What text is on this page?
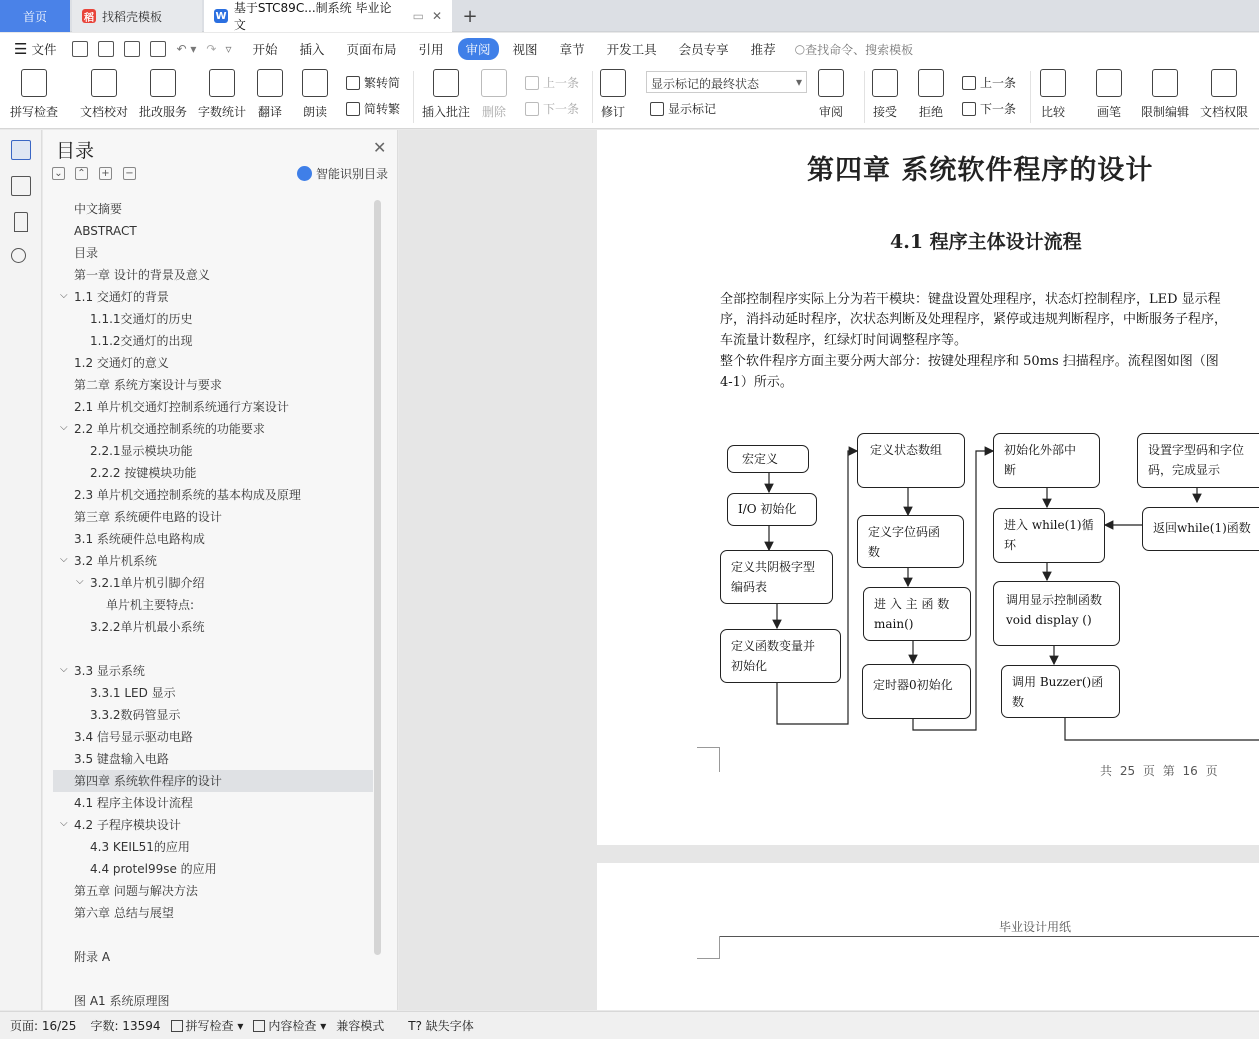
首页	稻 找稻壳模板	W
基于STC89C...制系统 毕业论文
▭ ✕ +
☰ 文件	↶ ▾ ↷ ▿	开始	插入	页面布局	引用	审阅	视图	章节	开发工具	会员专享	推荐	○ 查找命令、搜索模板
拼写检查 文档校对 批改服务 字数统计 翻译 朗读
繁转简
简转繁 插入批注 删除
上一条
下一条 修订
显示标记的最终状态	▾
显示标记	审阅 接受 拒绝
上一条
下一条 比较	画笔 限制编辑 文档权限
目录	✕
⌄ ⌃ + −	智能识别目录
中文摘要
ABSTRACT
目录
第一章 设计的背景及意义
1.1 交通灯的背景
⌵
1.1.1交通灯的历史
1.1.2交通灯的出现
1.2 交通灯的意义
第二章 系统方案设计与要求
2.1 单片机交通灯控制系统通行方案设计
2.2 单片机交通控制系统的功能要求
⌵
2.2.1显示模块功能
2.2.2 按键模块功能
2.3 单片机交通控制系统的基本构成及原理
第三章 系统硬件电路的设计
3.1 系统硬件总电路构成
3.2 单片机系统
⌵
3.2.1单片机引脚介绍
⌵
单片机主要特点:
3.2.2单片机最小系统
3.3 显示系统
⌵
3.3.1 LED 显示
3.3.2数码管显示
3.4 信号显示驱动电路
3.5 键盘输入电路
第四章 系统软件程序的设计
4.1 程序主体设计流程
4.2 子程序模块设计
⌵
4.3 KEIL51的应用
4.4 protel99se 的应用
第五章 问题与解决方法
第六章 总结与展望
附录 A
图 A1 系统原理图
第四章 系统软件程序的设计
4.1 程序主体设计流程
全部控制程序实际上分为若干模块：键盘设置处理程序，状态灯控制程序，LED 显示程
序，消抖动延时程序，次状态判断及处理程序，紧停或违规判断程序，中断服务子程序，
车流量计数程序，红绿灯时间调整程序等。
整个软件程序方面主要分两大部分：按键处理程序和 50ms 扫描程序。流程图如图（图
4-1）所示。
宏定义
I/O 初始化
定义共阴极字型
编码表
定义函数变量并
初始化
定义状态数组
定义字位码函
数
进 入 主 函 数
main()
定时器0初始化
初始化外部中
断
进入 while(1)循
环
调用显示控制函数
void display ()
调用 Buzzer()函
数
设置字型码和字位
码，完成显示
返回while(1)函数
共 25 页 第 16 页
毕业设计用纸
页面: 16/25 字数: 13594 拼写检查 ▾ 内容检查 ▾ 兼容模式 T?
缺失字体
